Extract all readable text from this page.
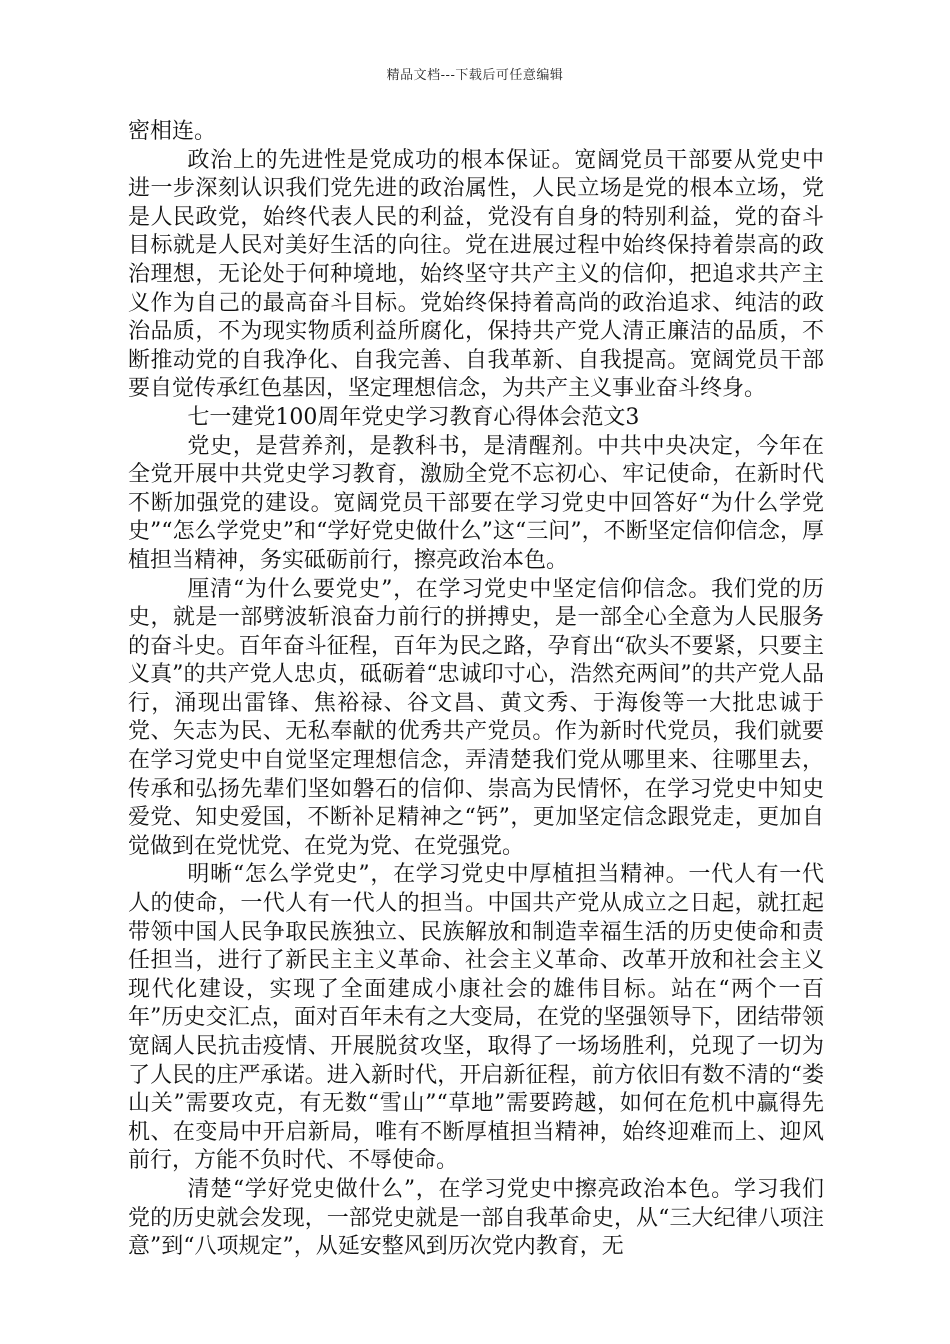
精品文档---下载后可任意编辑

密相连。

政治上的先进性是党成功的根本保证。宽阔党员干部要从党史中进一步深刻认识我们党先进的政治属性，人民立场是党的根本立场，党是人民政党，始终代表人民的利益，党没有自身的特别利益，党的奋斗目标就是人民对美好生活的向往。党在进展过程中始终保持着崇高的政治理想，无论处于何种境地，始终坚守共产主义的信仰，把追求共产主义作为自己的最高奋斗目标。党始终保持着高尚的政治追求、纯洁的政治品质，不为现实物质利益所腐化，保持共产党人清正廉洁的品质，不断推动党的自我净化、自我完善、自我革新、自我提高。宽阔党员干部要自觉传承红色基因，坚定理想信念，为共产主义事业奋斗终身。

七一建党100周年党史学习教育心得体会范文3

党史，是营养剂，是教科书，是清醒剂。中共中央决定，今年在全党开展中共党史学习教育，激励全党不忘初心、牢记使命，在新时代不断加强党的建设。宽阔党员干部要在学习党史中回答好“为什么学党史”“怎么学党史”和“学好党史做什么”这“三问”，不断坚定信仰信念，厚植担当精神，务实砥砺前行，擦亮政治本色。

厘清“为什么要党史”，在学习党史中坚定信仰信念。我们党的历史，就是一部劈波斩浪奋力前行的拼搏史，是一部全心全意为人民服务的奋斗史。百年奋斗征程，百年为民之路，孕育出“砍头不要紧，只要主义真”的共产党人忠贞，砥砺着“忠诚印寸心，浩然充两间”的共产党人品行，涌现出雷锋、焦裕禄、谷文昌、黄文秀、于海俊等一大批忠诚于党、矢志为民、无私奉献的优秀共产党员。作为新时代党员，我们就要在学习党史中自觉坚定理想信念，弄清楚我们党从哪里来、往哪里去，传承和弘扬先辈们坚如磐石的信仰、崇高为民情怀，在学习党史中知史爱党、知史爱国，不断补足精神之“钙”，更加坚定信念跟党走，更加自觉做到在党忧党、在党为党、在党强党。

明晰“怎么学党史”，在学习党史中厚植担当精神。一代人有一代人的使命，一代人有一代人的担当。中国共产党从成立之日起，就扛起带领中国人民争取民族独立、民族解放和制造幸福生活的历史使命和责任担当，进行了新民主主义革命、社会主义革命、改革开放和社会主义现代化建设，实现了全面建成小康社会的雄伟目标。站在“两个一百年”历史交汇点，面对百年未有之大变局，在党的坚强领导下，团结带领宽阔人民抗击疫情、开展脱贫攻坚，取得了一场场胜利，兑现了一切为了人民的庄严承诺。进入新时代，开启新征程，前方依旧有数不清的“娄山关”需要攻克，有无数“雪山”“草地”需要跨越，如何在危机中赢得先机、在变局中开启新局，唯有不断厚植担当精神，始终迎难而上、迎风前行，方能不负时代、不辱使命。

清楚“学好党史做什么”，在学习党史中擦亮政治本色。学习我们党的历史就会发现，一部党史就是一部自我革命史，从“三大纪律八项注意”到“八项规定”，从延安整风到历次党内教育，无
